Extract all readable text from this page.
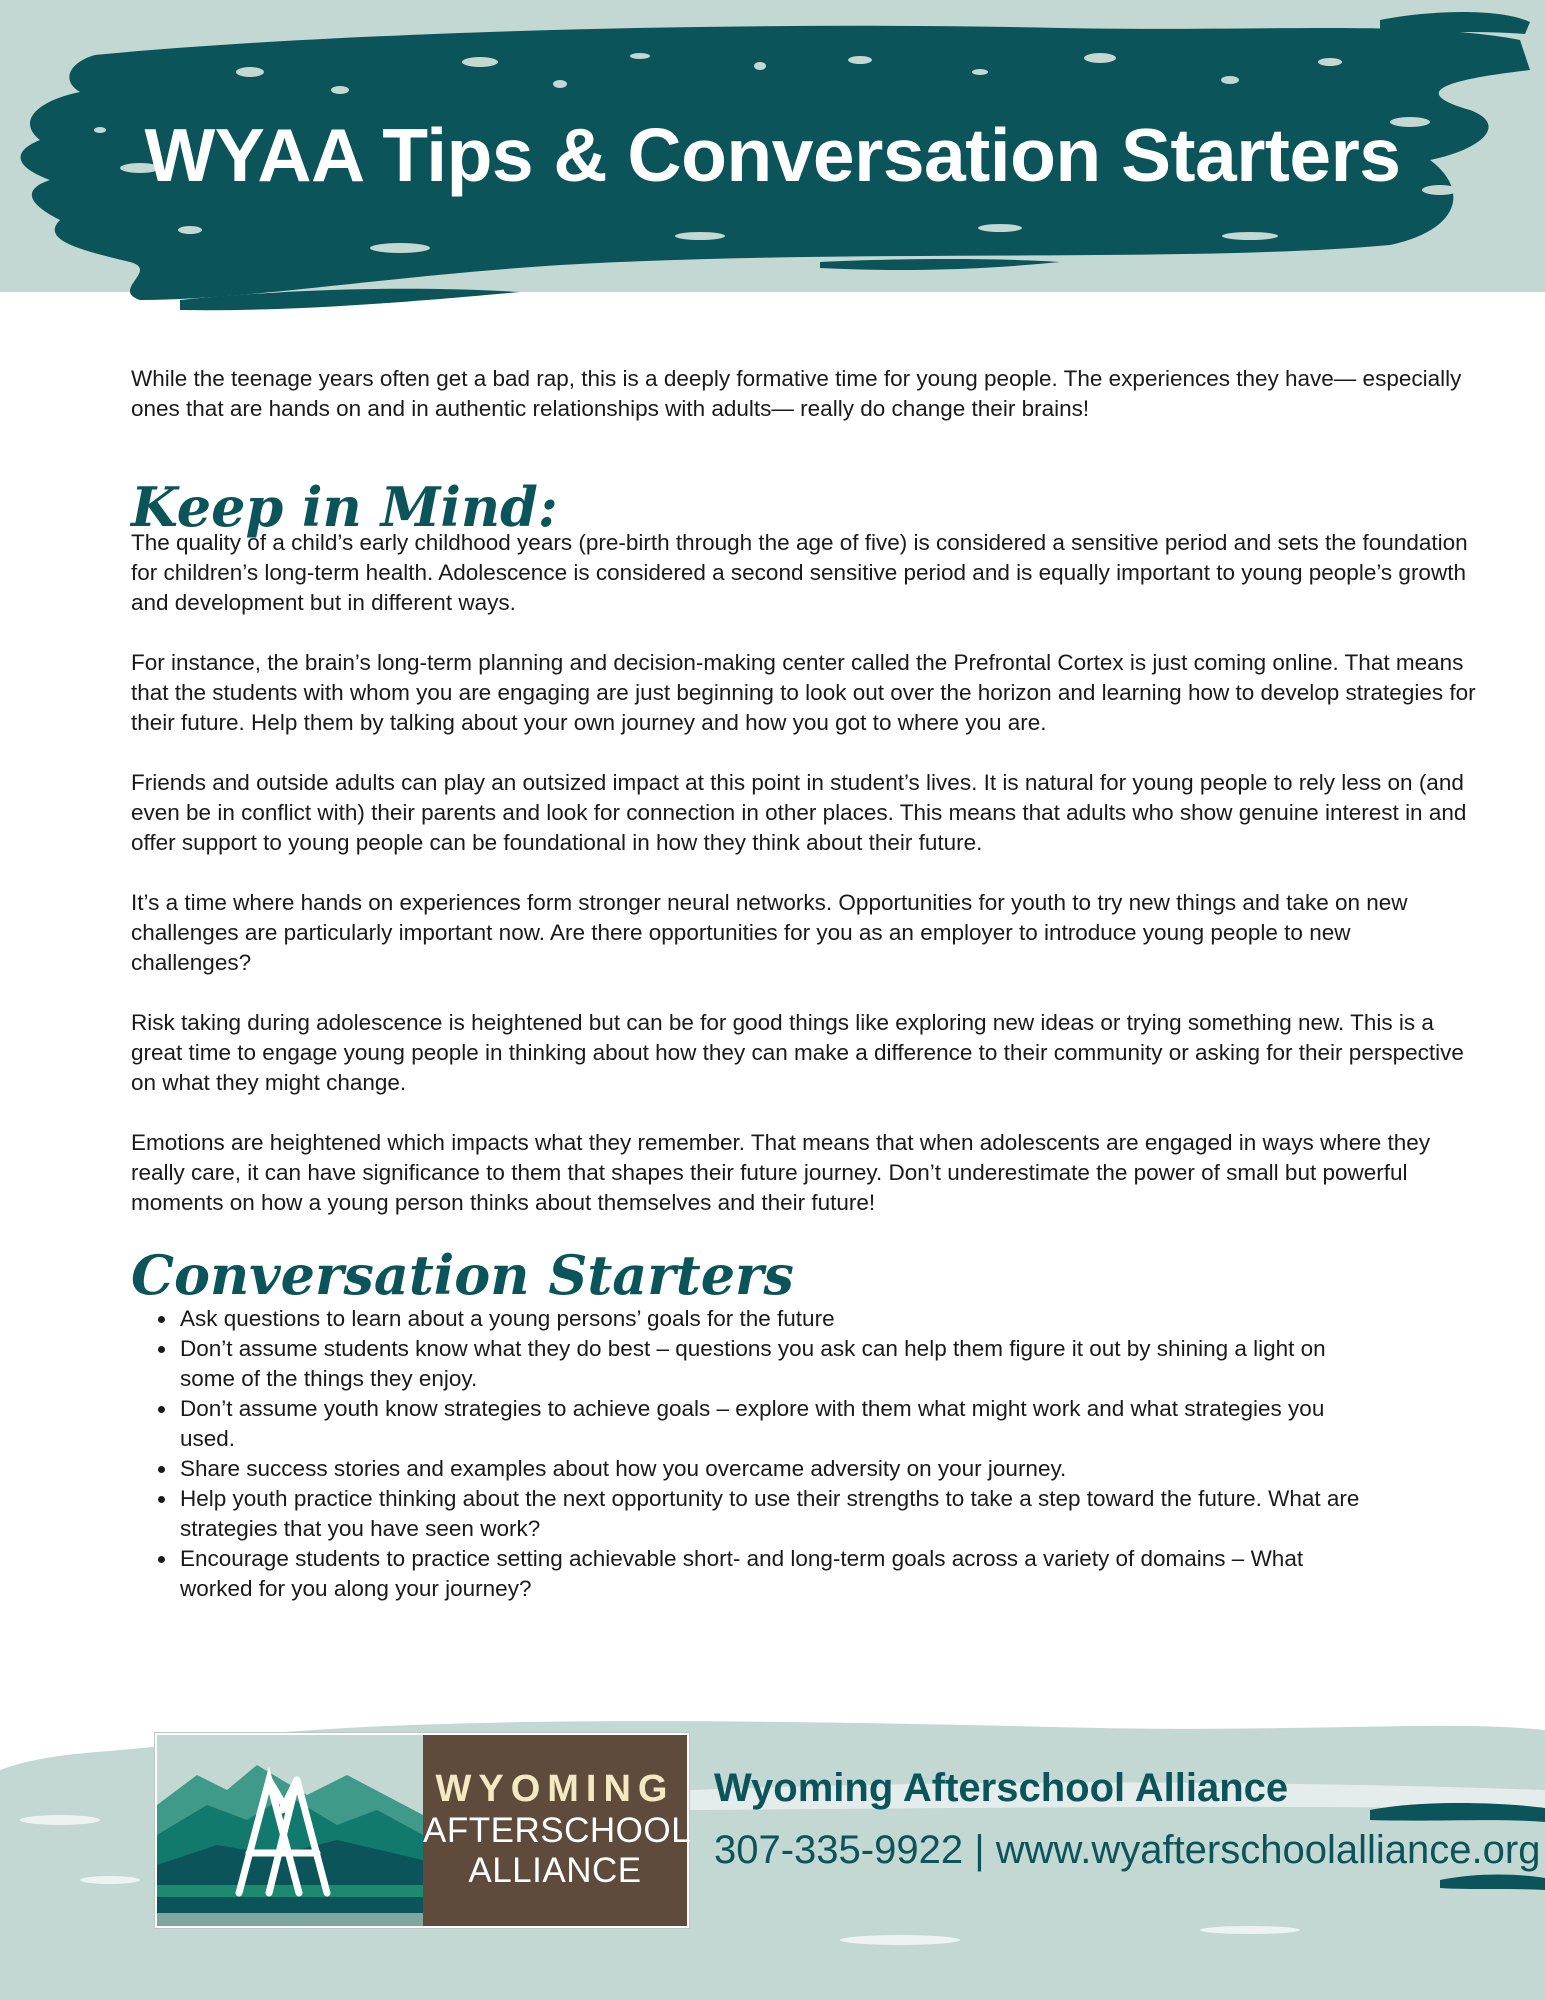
WYAA Tips & Conversation Starters

While the teenage years often get a bad rap, this is a deeply formative time for young people. The experiences they have— especially ones that are hands on and in authentic relationships with adults— really do change their brains!

Keep in Mind:

The quality of a child’s early childhood years (pre-birth through the age of five) is considered a sensitive period and sets the foundation for children’s long-term health. Adolescence is considered a second sensitive period and is equally important to young people’s growth and development but in different ways.

For instance, the brain’s long-term planning and decision-making center called the Prefrontal Cortex is just coming online. That means that the students with whom you are engaging are just beginning to look out over the horizon and learning how to develop strategies for their future. Help them by talking about your own journey and how you got to where you are.

Friends and outside adults can play an outsized impact at this point in student’s lives. It is natural for young people to rely less on (and even be in conflict with) their parents and look for connection in other places. This means that adults who show genuine interest in and offer support to young people can be foundational in how they think about their future.

It’s a time where hands on experiences form stronger neural networks. Opportunities for youth to try new things and take on new challenges are particularly important now. Are there opportunities for you as an employer to introduce young people to new challenges?

Risk taking during adolescence is heightened but can be for good things like exploring new ideas or trying something new. This is a great time to engage young people in thinking about how they can make a difference to their community or asking for their perspective on what they might change.

Emotions are heightened which impacts what they remember. That means that when adolescents are engaged in ways where they really care, it can have significance to them that shapes their future journey. Don’t underestimate the power of small but powerful moments on how a young person thinks about themselves and their future!

Conversation Starters
• Ask questions to learn about a young persons’ goals for the future
• Don’t assume students know what they do best – questions you ask can help them figure it out by shining a light on some of the things they enjoy.
• Don’t assume youth know strategies to achieve goals – explore with them what might work and what strategies you used.
• Share success stories and examples about how you overcame adversity on your journey.
• Help youth practice thinking about the next opportunity to use their strengths to take a step toward the future. What are strategies that you have seen work?
• Encourage students to practice setting achievable short- and long-term goals across a variety of domains – What worked for you along your journey?
WYOMING
AFTERSCHOOL
ALLIANCE

Wyoming Afterschool Alliance

307-335-9922 | www.wyafterschoolalliance.org
